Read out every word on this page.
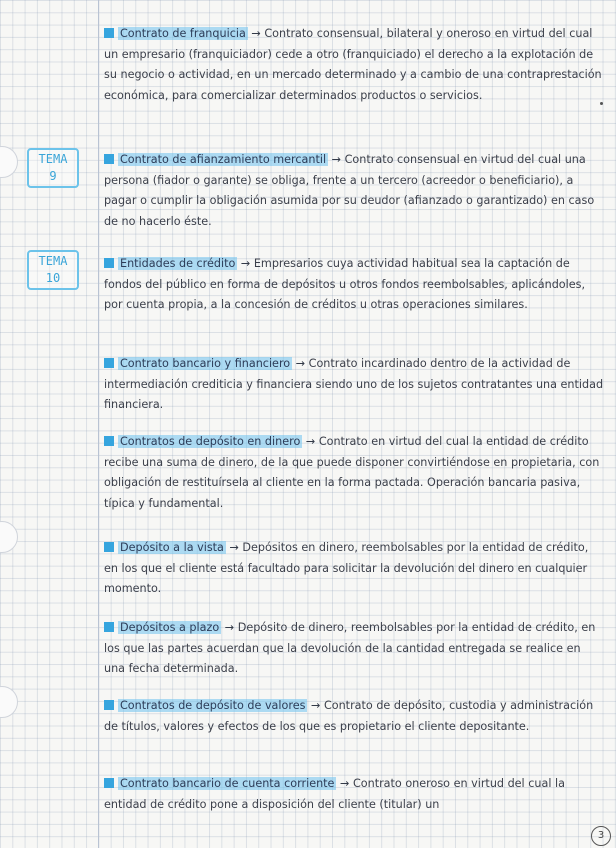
TEMA
9
TEMA
10
Contrato de franquicia → Contrato consensual, bilateral y oneroso en virtud del cual un empresario (franquiciador) cede a otro (franquiciado) el derecho a la explotación de su negocio o actividad, en un mercado determinado y a cambio de una contraprestación económica, para comercializar determinados productos o servicios.
Contrato de afianzamiento mercantil → Contrato consensual en virtud del cual una persona (fiador o garante) se obliga, frente a un tercero (acreedor o beneficiario), a pagar o cumplir la obligación asumida por su deudor (afianzado o garantizado) en caso de no hacerlo éste.
Entidades de crédito → Empresarios cuya actividad habitual sea la captación de fondos del público en forma de depósitos u otros fondos reembolsables, aplicándoles, por cuenta propia, a la concesión de créditos u otras operaciones similares.
Contrato bancario y financiero → Contrato incardinado dentro de la actividad de intermediación crediticia y financiera siendo uno de los sujetos contratantes una entidad financiera.
Contratos de depósito en dinero → Contrato en virtud del cual la entidad de crédito recibe una suma de dinero, de la que puede disponer convirtiéndose en propietaria, con obligación de restituírsela al cliente en la forma pactada. Operación bancaria pasiva, típica y fundamental.
Depósito a la vista → Depósitos en dinero, reembolsables por la entidad de crédito, en los que el cliente está facultado para solicitar la devolución del dinero en cualquier momento.
Depósitos a plazo → Depósito de dinero, reembolsables por la entidad de crédito, en los que las partes acuerdan que la devolución de la cantidad entregada se realice en una fecha determinada.
Contratos de depósito de valores → Contrato de depósito, custodia y administración de títulos, valores y efectos de los que es propietario el cliente depositante.
Contrato bancario de cuenta corriente → Contrato oneroso en virtud del cual la entidad de crédito pone a disposición del cliente (titular) un
3
